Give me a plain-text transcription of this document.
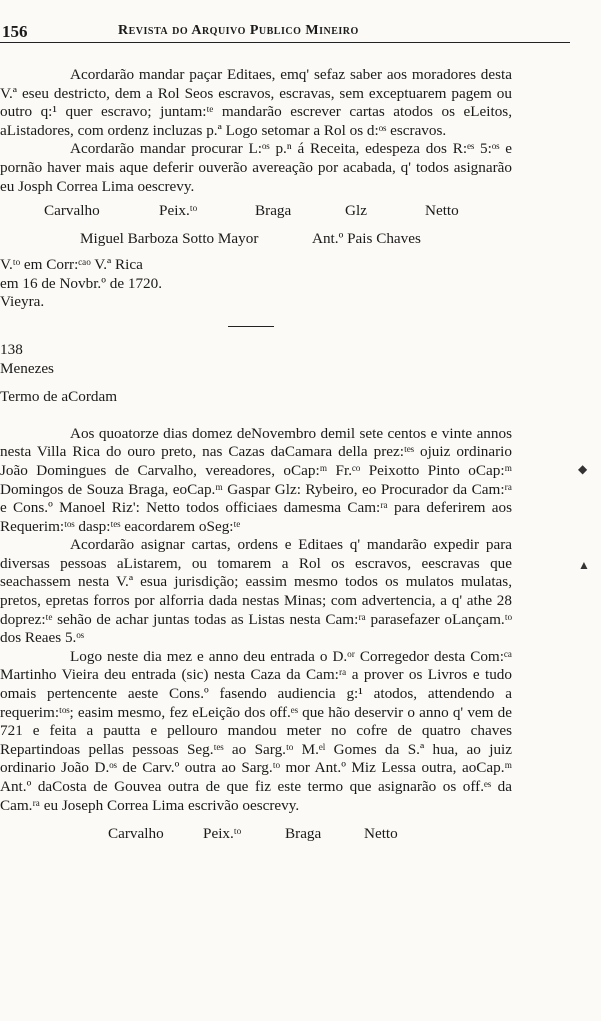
156	Revista do Arquivo Publico Mineiro

Acordarão mandar paçar Editaes, emq' sefaz saber aos moradores desta V.ª eseu destricto, dem a Rol Seos escravos, escravas, sem exceptuarem pagem ou outro q:¹ quer escravo; juntam:ᵗᵉ mandarão escrever cartas atodos os eLeitos, aListadores, com ordenz incluzas p.ª Logo setomar a Rol os d:ᵒˢ escravos.

Acordarão mandar procurar L:ᵒˢ p.ⁿ á Receita, edespeza dos R:ᵉˢ 5:ᵒˢ e pornão haver mais aque deferir ouverão avereação por acabada, q' todos asignarão eu Josph Correa Lima oescrevy.

Carvalho	Peix.ᵗᵒ	Braga	Glz	Netto
Miguel Barboza Sotto Mayor	Ant.º Pais Chaves

V.ᵗᵒ em Corr:ᶜᵃᵒ V.ª Rica

em 16 de Novbr.º de 1720.

Vieyra.

138

Menezes

Termo de aCordam

Aos quoatorze dias domez deNovembro demil sete centos e vinte annos nesta Villa Rica do ouro preto, nas Cazas daCamara della prez:ᵗᵉˢ ojuiz ordinario João Domingues de Carvalho, vereadores, oCap:ᵐ Fr.ᶜᵒ Peixotto Pinto oCap:ᵐ Domingos de Souza Braga, eoCap.ᵐ Gaspar Glz: Rybeiro, eo Procurador da Cam:ʳᵃ e Cons.º Manoel Riz': Netto todos officiaes damesma Cam:ʳᵃ para deferirem aos Requerim:ᵗᵒˢ dasp:ᵗᵉˢ eacordarem oSeg:ᵗᵉ

Acordarão asignar cartas, ordens e Editaes q' mandarão expedir para diversas pessoas aListarem, ou tomarem a Rol os escravos, eescravas que seachassem nesta V.ª esua jurisdição; eassim mesmo todos os mulatos mulatas, pretos, epretas forros por alforria dada nestas Minas; com advertencia, a q' athe 28 doprez:ᵗᵉ sehão de achar juntas todas as Listas nesta Cam:ʳᵃ parasefazer oLançam.ᵗᵒ dos Reaes 5.ᵒˢ

Logo neste dia mez e anno deu entrada o D.ᵒʳ Corregedor desta Com:ᶜᵃ Martinho Vieira deu entrada (sic) nesta Caza da Cam:ʳᵃ a prover os Livros e tudo omais pertencente aeste Cons.º fasendo audiencia g:¹ atodos, attendendo a requerim:ᵗᵒˢ; easim mesmo, fez eLeição dos off.ᵉˢ que hão deservir o anno q' vem de 721 e feita a pautta e pellouro mandou meter no cofre de quatro chaves Repartindoas pellas pessoas Seg.ᵗᵉˢ ao Sarg.ᵗᵒ M.ᵉˡ Gomes da S.ª hua, ao juiz ordinario João D.ᵒˢ de Carv.º outra ao Sarg.ᵗᵒ mor Ant.º Miz Lessa outra, aoCap.ᵐ Ant.º daCosta de Gouvea outra de que fiz este termo que asignarão os off.ᵉˢ da Cam.ʳᵃ eu Joseph Correa Lima escrivão oescrevy.

Carvalho	Peix.ᵗᵒ	Braga	Netto
◆
▲
